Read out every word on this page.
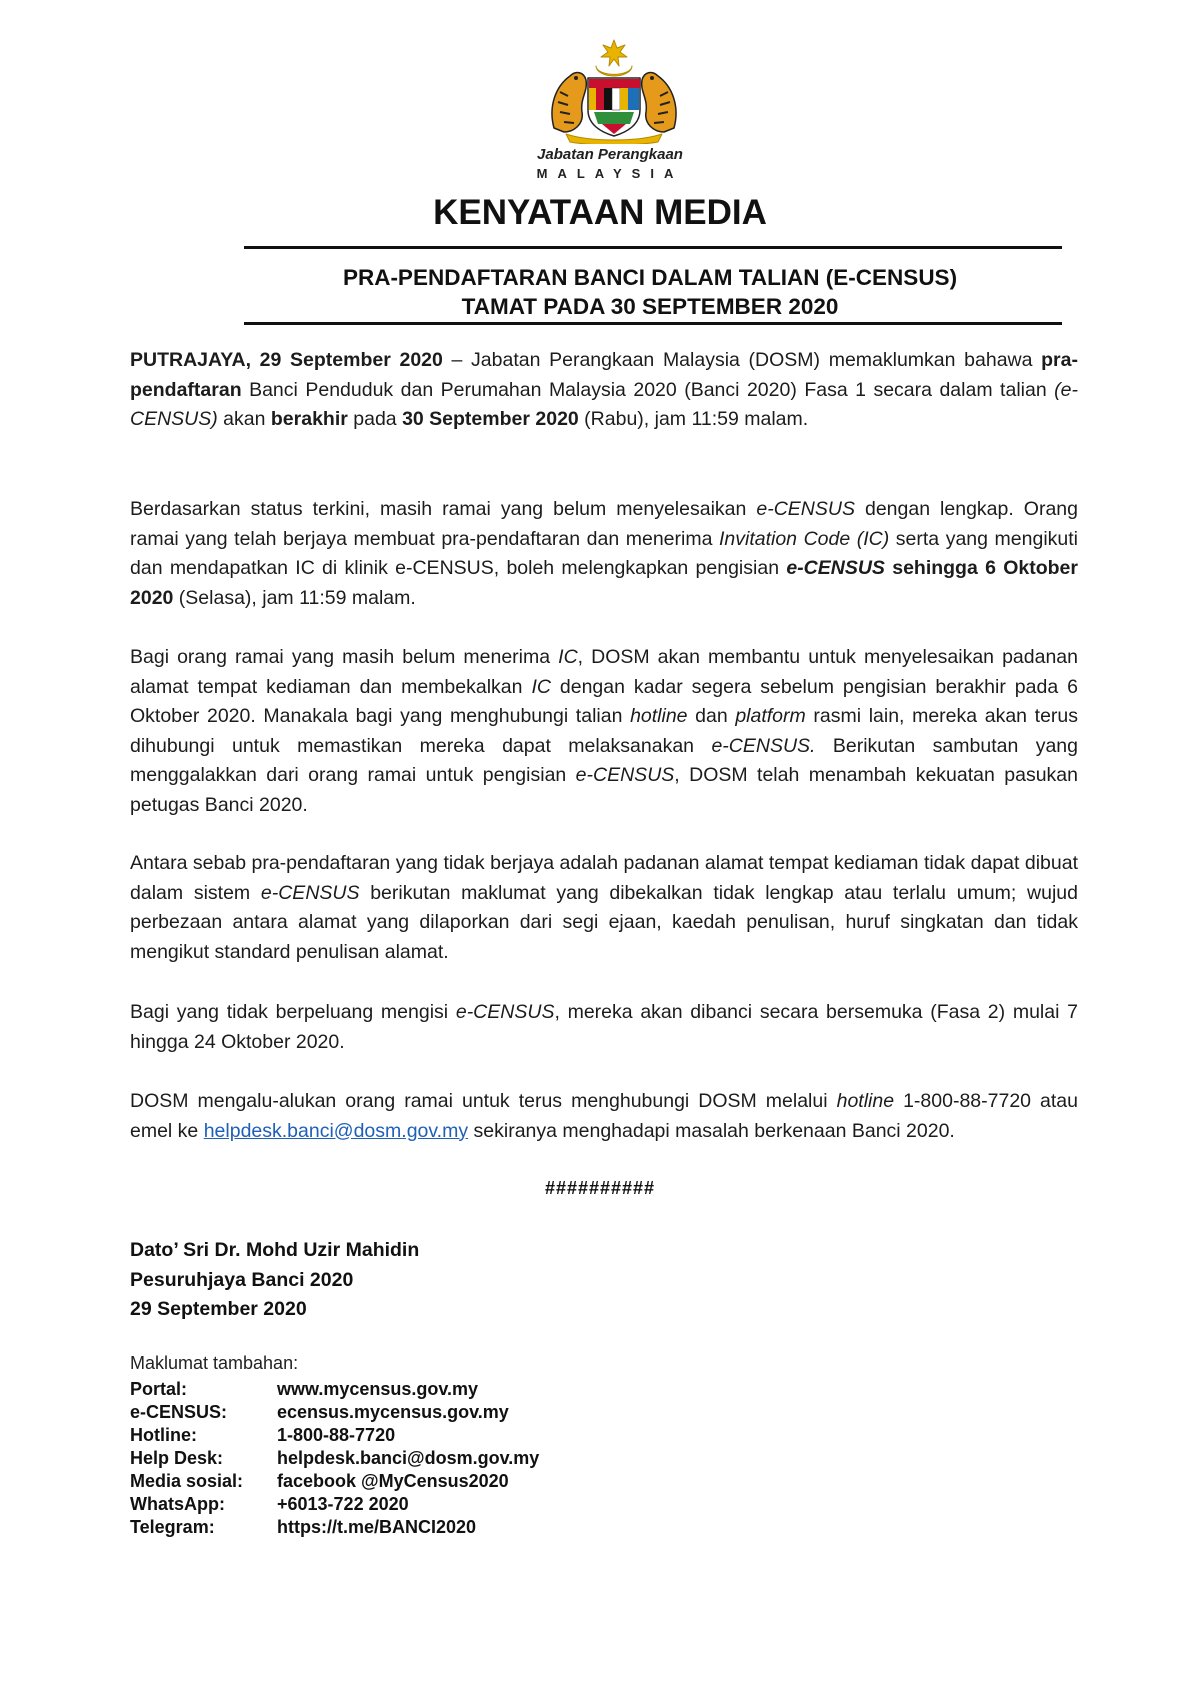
Jabatan Perangkaan
MALAYSIA
KENYATAAN MEDIA
PRA-PENDAFTARAN BANCI DALAM TALIAN (E-CENSUS)
TAMAT PADA 30 SEPTEMBER 2020

PUTRAJAYA, 29 September 2020 – Jabatan Perangkaan Malaysia (DOSM) memaklumkan bahawa pra-pendaftaran Banci Penduduk dan Perumahan Malaysia 2020 (Banci 2020) Fasa 1 secara dalam talian (e-CENSUS) akan berakhir pada 30 September 2020 (Rabu), jam 11:59 malam.

Berdasarkan status terkini, masih ramai yang belum menyelesaikan e-CENSUS dengan lengkap. Orang ramai yang telah berjaya membuat pra-pendaftaran dan menerima Invitation Code (IC) serta yang mengikuti dan mendapatkan IC di klinik e-CENSUS, boleh melengkapkan pengisian e-CENSUS sehingga 6 Oktober 2020 (Selasa), jam 11:59 malam.

Bagi orang ramai yang masih belum menerima IC, DOSM akan membantu untuk menyelesaikan padanan alamat tempat kediaman dan membekalkan IC dengan kadar segera sebelum pengisian berakhir pada 6 Oktober 2020. Manakala bagi yang menghubungi talian hotline dan platform rasmi lain, mereka akan terus dihubungi untuk memastikan mereka dapat melaksanakan e-CENSUS. Berikutan sambutan yang menggalakkan dari orang ramai untuk pengisian e-CENSUS, DOSM telah menambah kekuatan pasukan petugas Banci 2020.

Antara sebab pra-pendaftaran yang tidak berjaya adalah padanan alamat tempat kediaman tidak dapat dibuat dalam sistem e-CENSUS berikutan maklumat yang dibekalkan tidak lengkap atau terlalu umum; wujud perbezaan antara alamat yang dilaporkan dari segi ejaan, kaedah penulisan, huruf singkatan dan tidak mengikut standard penulisan alamat.

Bagi yang tidak berpeluang mengisi e-CENSUS, mereka akan dibanci secara bersemuka (Fasa 2) mulai 7 hingga 24 Oktober 2020.

DOSM mengalu-alukan orang ramai untuk terus menghubungi DOSM melalui hotline 1-800-88-7720 atau emel ke helpdesk.banci@dosm.gov.my sekiranya menghadapi masalah berkenaan Banci 2020.

##########
Dato’ Sri Dr. Mohd Uzir Mahidin
Pesuruhjaya Banci 2020
29 September 2020
Maklumat tambahan:
Portal:	www.mycensus.gov.my
e-CENSUS:	ecensus.mycensus.gov.my
Hotline:	1-800-88-7720
Help Desk:	helpdesk.banci@dosm.gov.my
Media sosial:	facebook @MyCensus2020
WhatsApp:	+6013-722 2020
Telegram:	https://t.me/BANCI2020
